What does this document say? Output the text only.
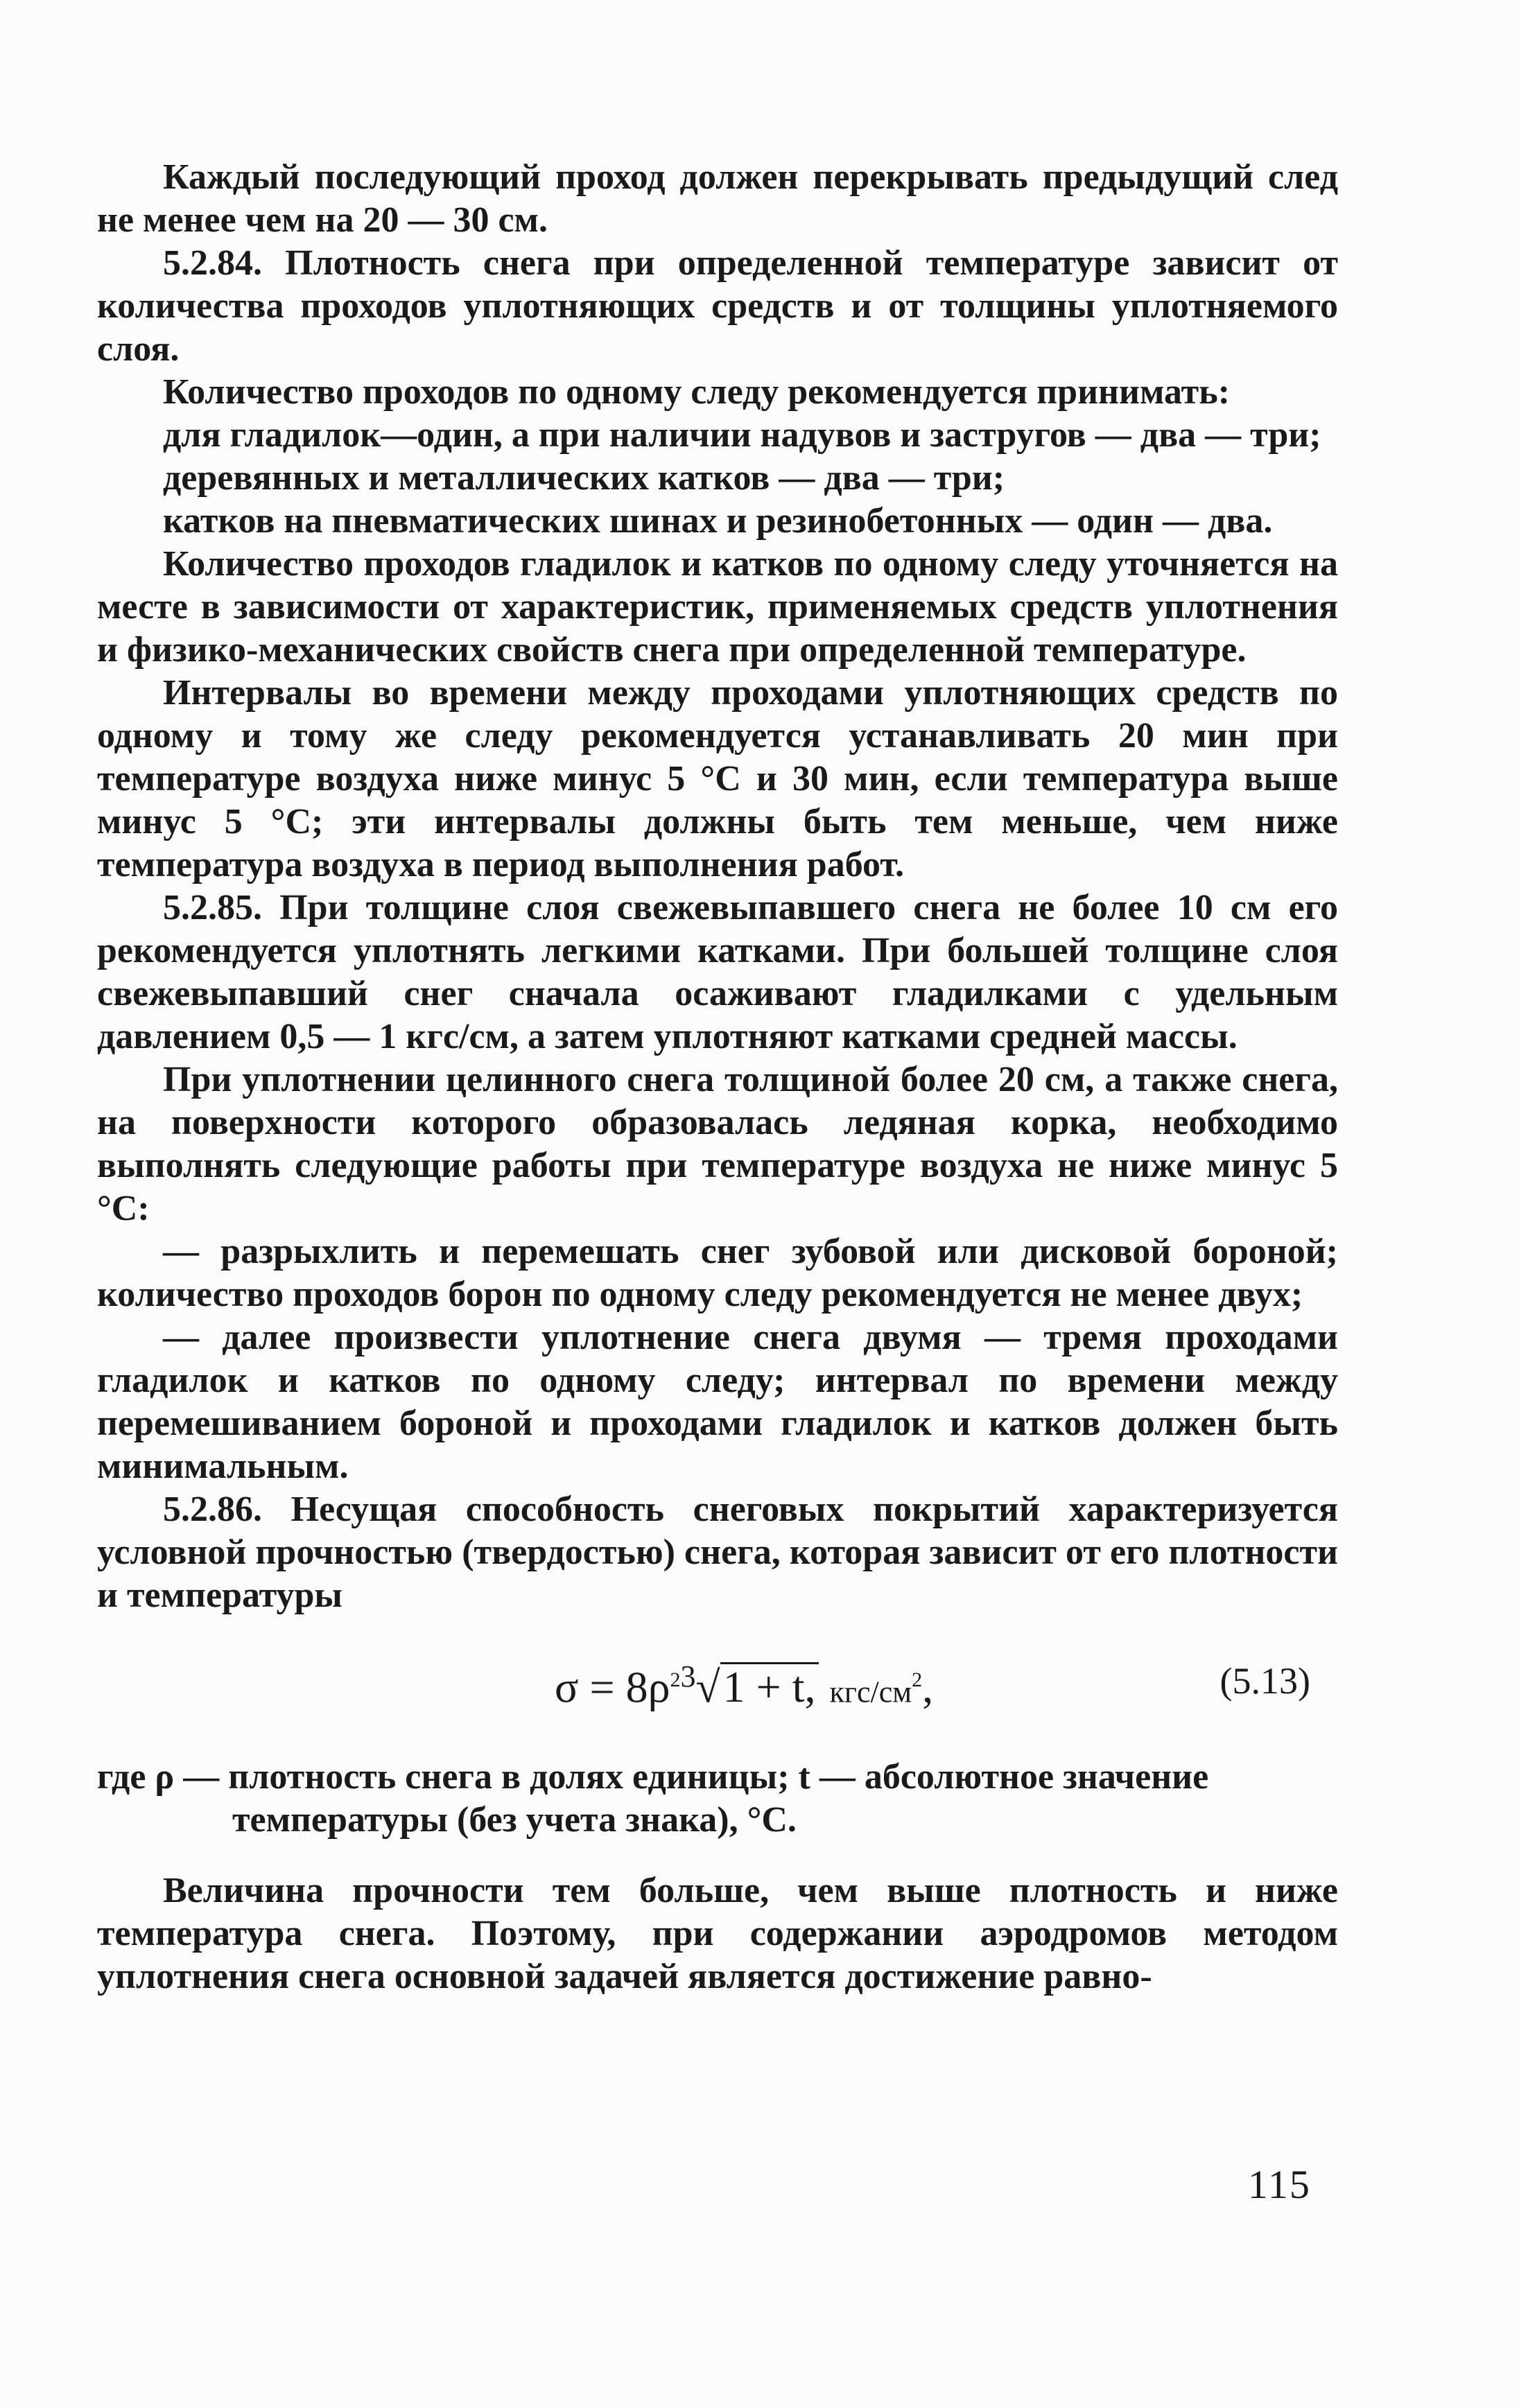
Каждый последующий проход должен перекрывать предыдущий след не менее чем на 20 — 30 см.

5.2.84. Плотность снега при определенной температуре зависит от количества проходов уплотняющих средств и от толщины уплотняемого слоя.

Количество проходов по одному следу рекомендуется принимать:

для гладилок—один, а при наличии надувов и застругов — два — три;

деревянных и металлических катков — два — три;

катков на пневматических шинах и резинобетонных — один — два.

Количество проходов гладилок и катков по одному следу уточняется на месте в зависимости от характеристик, применяемых средств уплотнения и физико-механических свойств снега при определенной температуре.

Интервалы во времени между проходами уплотняющих средств по одному и тому же следу рекомендуется устанавливать 20 мин при температуре воздуха ниже минус 5 °С и 30 мин, если температура выше минус 5 °С; эти интервалы должны быть тем меньше, чем ниже температура воздуха в период выполнения работ.

5.2.85. При толщине слоя свежевыпавшего снега не более 10 см его рекомендуется уплотнять легкими катками. При большей толщине слоя свежевыпавший снег сначала осаживают гладилками с удельным давлением 0,5 — 1 кгс/см, а затем уплотняют катками средней массы.

При уплотнении целинного снега толщиной более 20 см, а также снега, на поверхности которого образовалась ледяная корка, необходимо выполнять следующие работы при температуре воздуха не ниже минус 5 °С:

— разрыхлить и перемешать снег зубовой или дисковой бороной; количество проходов борон по одному следу рекомендуется не менее двух;

— далее произвести уплотнение снега двумя — тремя проходами гладилок и катков по одному следу; интервал по времени между перемешиванием бороной и проходами гладилок и катков должен быть минимальным.

5.2.86. Несущая способность снеговых покрытий характеризуется условной прочностью (твердостью) снега, которая зависит от его плотности и температуры

$\sigma = 8\rho^{23}√1 + t$, кгс/$см^2$,	(5.13)
где ρ — плотность снега в долях единицы; t — абсолютное значение
температуры (без учета знака), °С.

Величина прочности тем больше, чем выше плотность и ниже температура снега. Поэтому, при содержании аэродромов методом уплотнения снега основной задачей является достижение равно-

115
